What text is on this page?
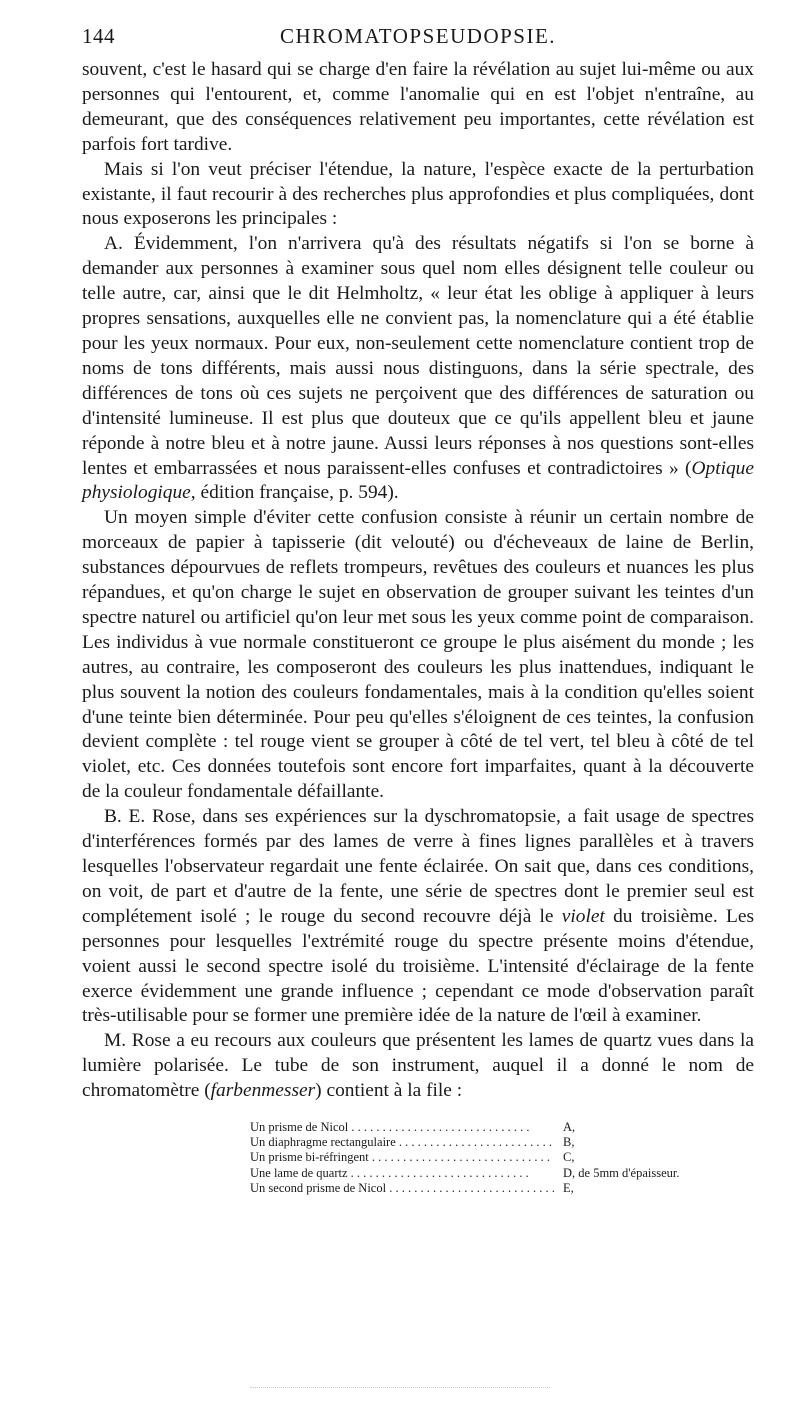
144	CHROMATOPSEUDOPSIE.

souvent, c'est le hasard qui se charge d'en faire la révélation au sujet lui-même ou aux personnes qui l'entourent, et, comme l'anomalie qui en est l'objet n'entraîne, au demeurant, que des conséquences relativement peu importantes, cette révélation est parfois fort tardive.

Mais si l'on veut préciser l'étendue, la nature, l'espèce exacte de la perturbation existante, il faut recourir à des recherches plus approfondies et plus compliquées, dont nous exposerons les principales :

A. Évidemment, l'on n'arrivera qu'à des résultats négatifs si l'on se borne à demander aux personnes à examiner sous quel nom elles désignent telle couleur ou telle autre, car, ainsi que le dit Helmholtz, « leur état les oblige à appliquer à leurs propres sensations, auxquelles elle ne convient pas, la nomenclature qui a été établie pour les yeux normaux. Pour eux, non-seulement cette nomenclature contient trop de noms de tons différents, mais aussi nous distinguons, dans la série spectrale, des différences de tons où ces sujets ne perçoivent que des différences de saturation ou d'intensité lumineuse. Il est plus que douteux que ce qu'ils appellent bleu et jaune réponde à notre bleu et à notre jaune. Aussi leurs réponses à nos questions sont-elles lentes et embarrassées et nous paraissent-elles confuses et contradictoires » (Optique physiologique, édition française, p. 594).

Un moyen simple d'éviter cette confusion consiste à réunir un certain nombre de morceaux de papier à tapisserie (dit velouté) ou d'écheveaux de laine de Berlin, substances dépourvues de reflets trompeurs, revêtues des couleurs et nuances les plus répandues, et qu'on charge le sujet en observation de grouper suivant les teintes d'un spectre naturel ou artificiel qu'on leur met sous les yeux comme point de comparaison. Les individus à vue normale constitueront ce groupe le plus aisément du monde ; les autres, au contraire, les composeront des couleurs les plus inattendues, indiquant le plus souvent la notion des couleurs fondamentales, mais à la condition qu'elles soient d'une teinte bien déterminée. Pour peu qu'elles s'éloignent de ces teintes, la confusion devient complète : tel rouge vient se grouper à côté de tel vert, tel bleu à côté de tel violet, etc. Ces données toutefois sont encore fort imparfaites, quant à la découverte de la couleur fondamentale défaillante.

B. E. Rose, dans ses expériences sur la dyschromatopsie, a fait usage de spectres d'interférences formés par des lames de verre à fines lignes parallèles et à travers lesquelles l'observateur regardait une fente éclairée. On sait que, dans ces conditions, on voit, de part et d'autre de la fente, une série de spectres dont le premier seul est complétement isolé ; le rouge du second recouvre déjà le violet du troisième. Les personnes pour lesquelles l'extrémité rouge du spectre présente moins d'étendue, voient aussi le second spectre isolé du troisième. L'intensité d'éclairage de la fente exerce évidemment une grande influence ; cependant ce mode d'observation paraît très-utilisable pour se former une première idée de la nature de l'œil à examiner.

M. Rose a eu recours aux couleurs que présentent les lames de quartz vues dans la lumière polarisée. Le tube de son instrument, auquel il a donné le nom de chromatomètre (farbenmesser) contient à la file :

Un prisme de Nicol . . .	A,
Un diaphragme rectangulaire . . .	B,
Un prisme bi-réfringent . . .	C,
Une lame de quartz . . .	D, de 5mm d'épaisseur.
Un second prisme de Nicol . . .	E,
